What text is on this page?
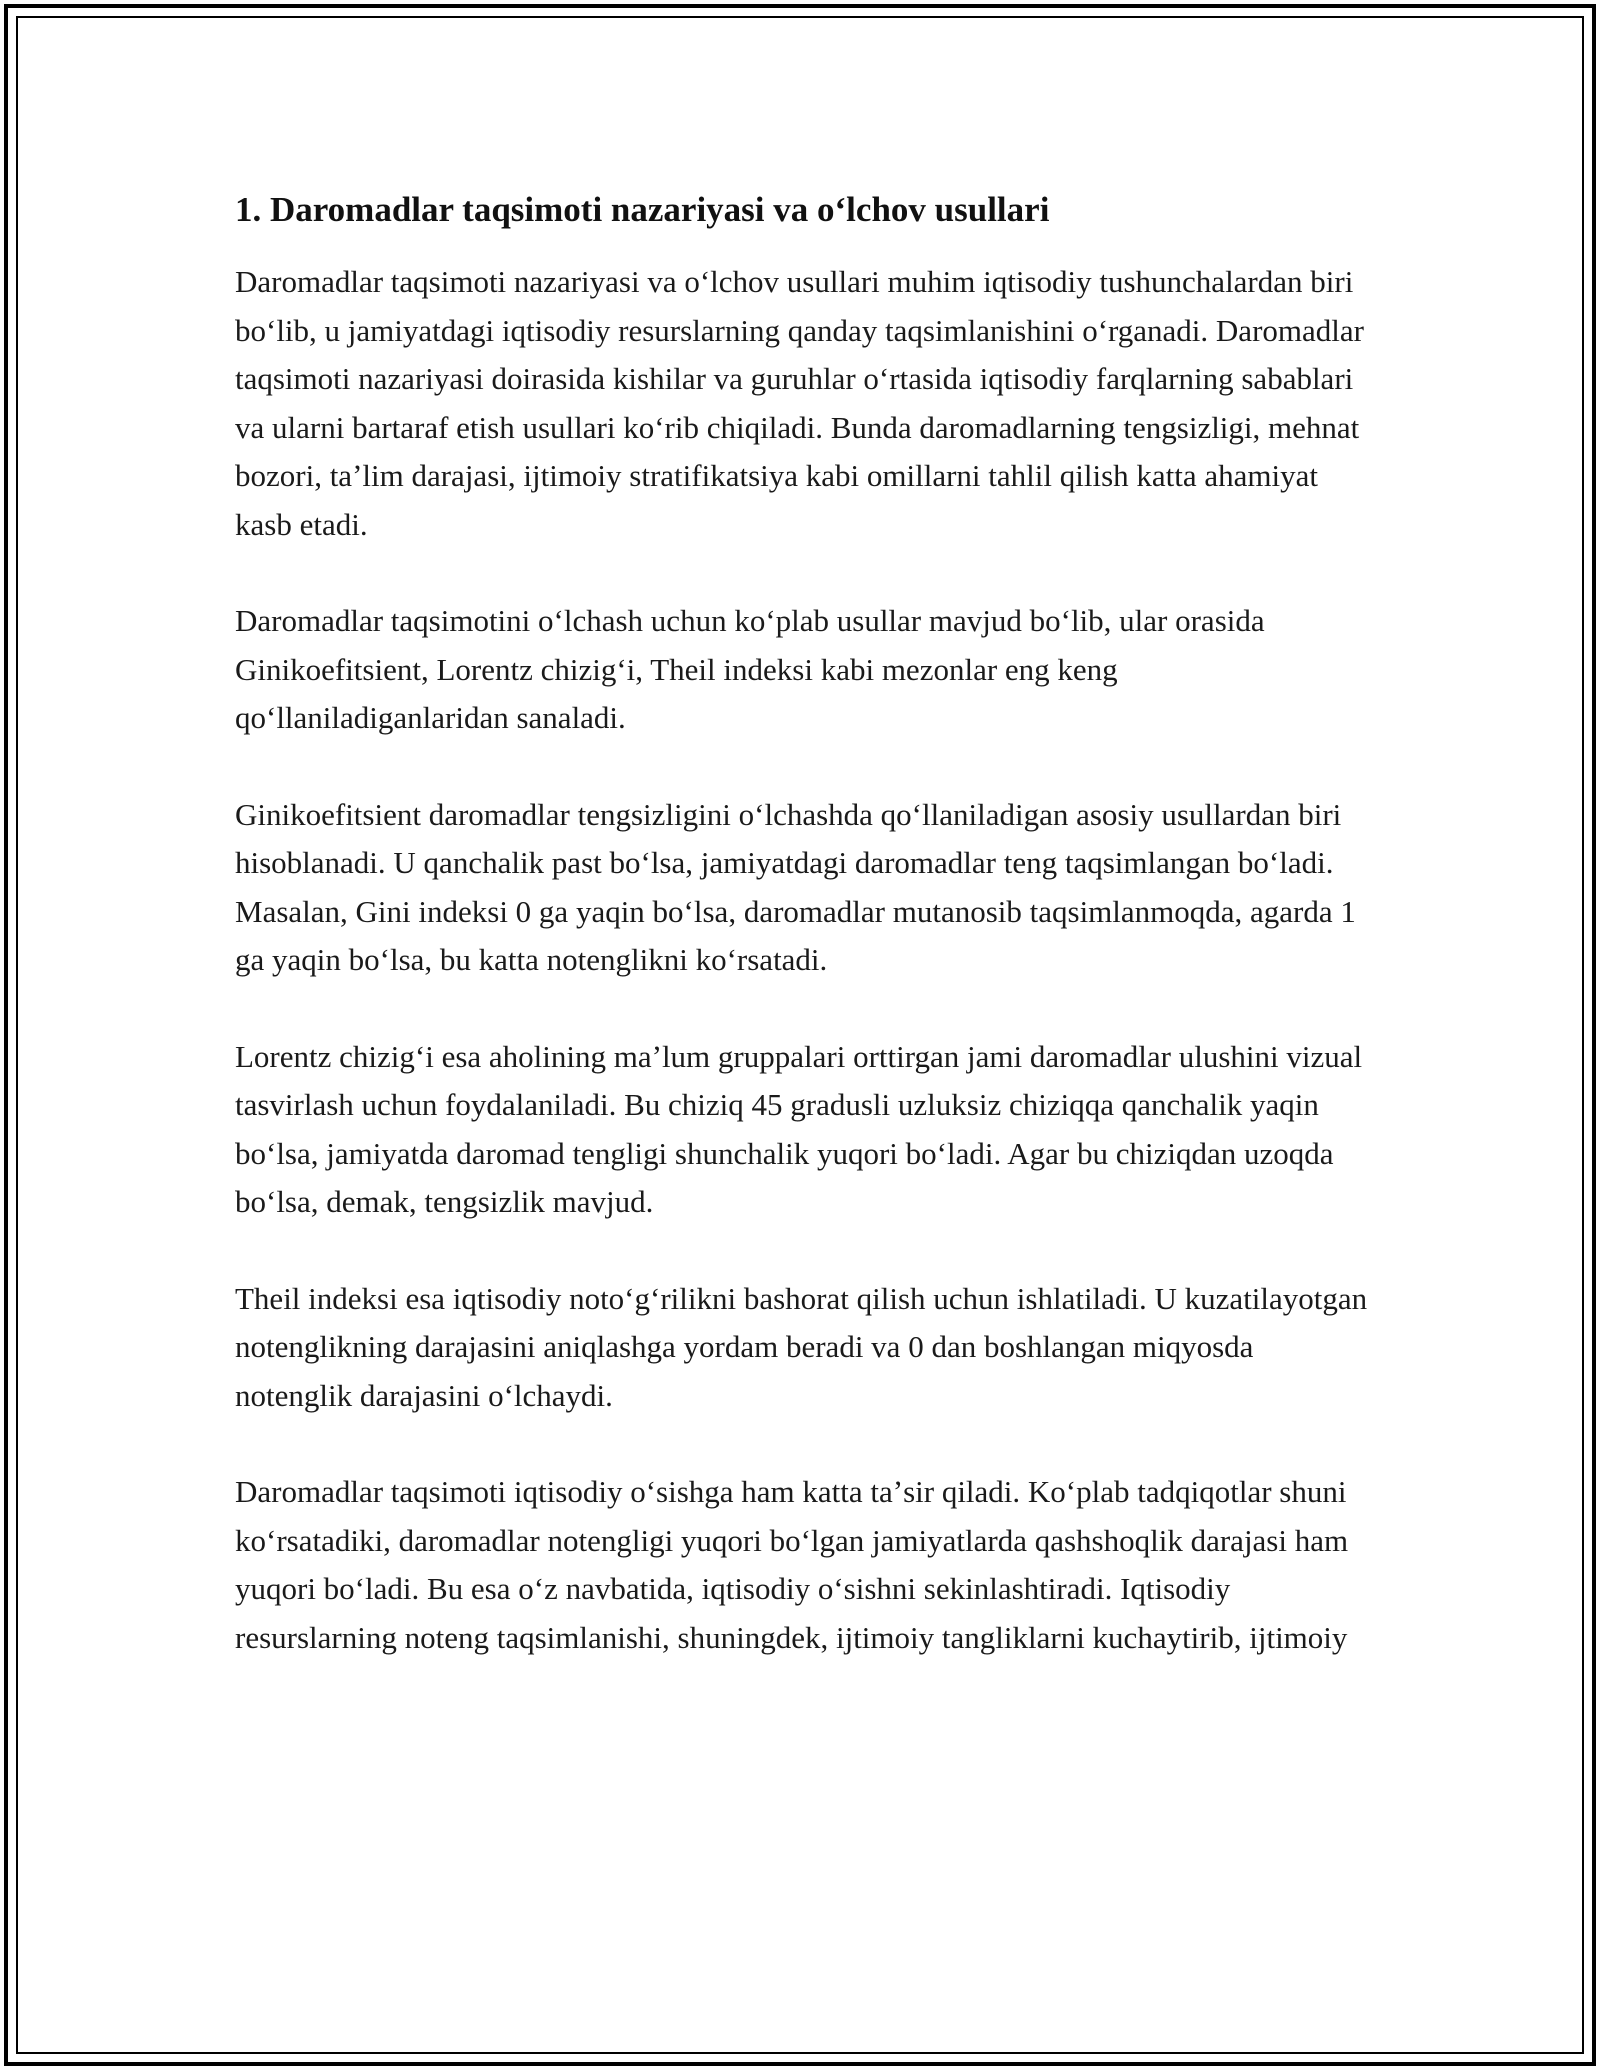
1. Daromadlar taqsimoti nazariyasi va oʻlchov usullari

Daromadlar taqsimoti nazariyasi va oʻlchov usullari muhim iqtisodiy tushunchalardan biri boʻlib, u jamiyatdagi iqtisodiy resurslarning qanday taqsimlanishini oʻrganadi. Daromadlar taqsimoti nazariyasi doirasida kishilar va guruhlar oʻrtasida iqtisodiy farqlarning sabablari va ularni bartaraf etish usullari koʻrib chiqiladi. Bunda daromadlarning tengsizligi, mehnat bozori, taʼlim darajasi, ijtimoiy stratifikatsiya kabi omillarni tahlil qilish katta ahamiyat kasb etadi.

Daromadlar taqsimotini oʻlchash uchun koʻplab usullar mavjud boʻlib, ular orasida Ginikoefitsient, Lorentz chizigʻi, Theil indeksi kabi mezonlar eng keng qoʻllaniladiganlaridan sanaladi.

Ginikoefitsient daromadlar tengsizligini oʻlchashda qoʻllaniladigan asosiy usullardan biri hisoblanadi. U qanchalik past boʻlsa, jamiyatdagi daromadlar teng taqsimlangan boʻladi. Masalan, Gini indeksi 0 ga yaqin boʻlsa, daromadlar mutanosib taqsimlanmoqda, agarda 1 ga yaqin boʻlsa, bu katta notenglikni koʻrsatadi.

Lorentz chizigʻi esa aholining maʼlum gruppalari orttirgan jami daromadlar ulushini vizual tasvirlash uchun foydalaniladi. Bu chiziq 45 gradusli uzluksiz chiziqqa qanchalik yaqin boʻlsa, jamiyatda daromad tengligi shunchalik yuqori boʻladi. Agar bu chiziqdan uzoqda boʻlsa, demak, tengsizlik mavjud.

Theil indeksi esa iqtisodiy notoʻgʻrilikni bashorat qilish uchun ishlatiladi. U kuzatilayotgan notenglikning darajasini aniqlashga yordam beradi va 0 dan boshlangan miqyosda notenglik darajasini oʻlchaydi.

Daromadlar taqsimoti iqtisodiy oʻsishga ham katta taʼsir qiladi. Koʻplab tadqiqotlar shuni koʻrsatadiki, daromadlar notengligi yuqori boʻlgan jamiyatlarda qashshoqlik darajasi ham yuqori boʻladi. Bu esa oʻz navbatida, iqtisodiy oʻsishni sekinlashtiradi. Iqtisodiy resurslarning noteng taqsimlanishi, shuningdek, ijtimoiy tangliklarni kuchaytirib, ijtimoiy
